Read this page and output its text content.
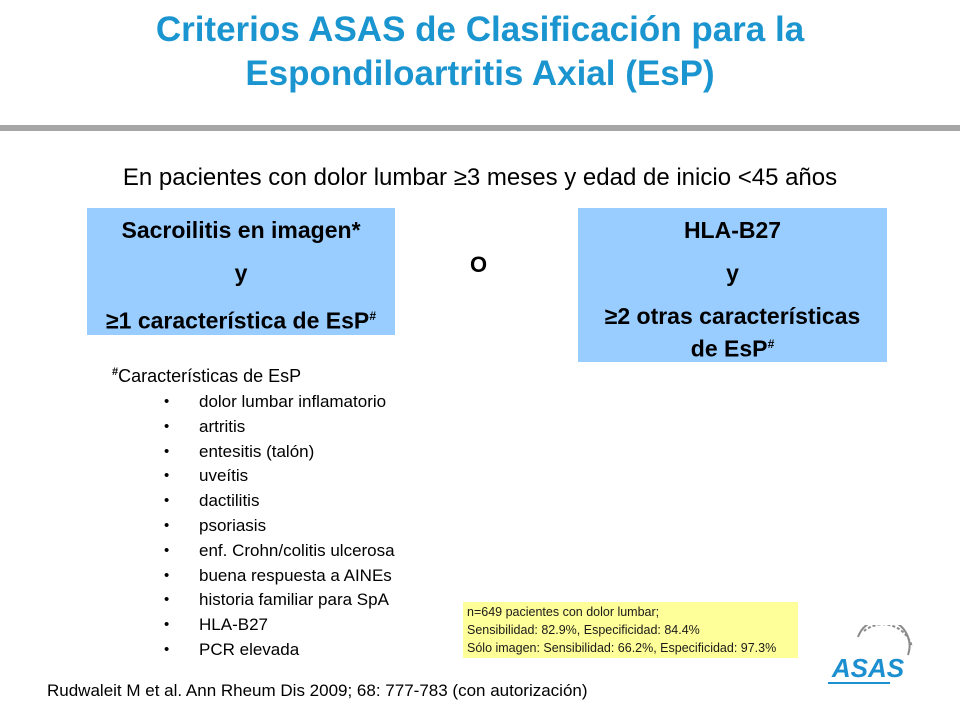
Criterios ASAS de Clasificación para la
Espondiloartritis Axial (EsP)
En pacientes con dolor lumbar ≥3 meses y edad de inicio <45 años
Sacroilitis en imagen*
y
≥1 característica de EsP#
O
HLA-B27
y
≥2 otras características
de EsP#
#Características de EsP
• dolor lumbar inflamatorio
• artritis
• entesitis (talón)
• uveítis
• dactilitis
• psoriasis
• enf. Crohn/colitis ulcerosa
• buena respuesta a AINEs
• historia familiar para SpA
• HLA-B27
• PCR elevada
n=649 pacientes con dolor lumbar;
Sensibilidad: 82.9%, Especificidad: 84.4%
Sólo imagen: Sensibilidad: 66.2%, Especificidad: 97.3%
Rudwaleit M et al. Ann Rheum Dis 2009; 68: 777-783 (con autorización)
ASAS
